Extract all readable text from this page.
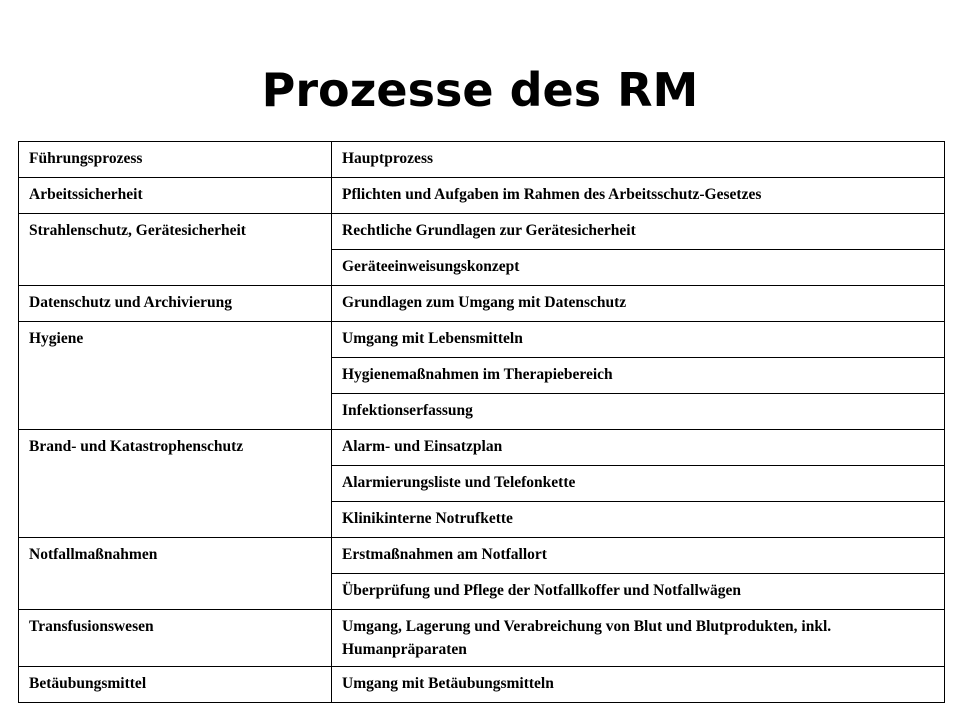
Prozesse des RM
Führungsprozess	Hauptprozess
Arbeitssicherheit	Pflichten und Aufgaben im Rahmen des Arbeitsschutz-Gesetzes
Strahlenschutz, Gerätesicherheit	Rechtliche Grundlagen zur Gerätesicherheit
	Geräteeinweisungskonzept
Datenschutz und Archivierung	Grundlagen zum Umgang mit Datenschutz
Hygiene	Umgang mit Lebensmitteln
	Hygienemaßnahmen im Therapiebereich
	Infektionserfassung
Brand- und Katastrophenschutz	Alarm- und Einsatzplan
	Alarmierungsliste und Telefonkette
	Klinikinterne Notrufkette
Notfallmaßnahmen	Erstmaßnahmen am Notfallort
	Überprüfung und Pflege der Notfallkoffer und Notfallwägen
Transfusionswesen	Umgang, Lagerung und Verabreichung von Blut und Blutprodukten, inkl. Humanpräparaten
Betäubungsmittel	Umgang mit Betäubungsmitteln
